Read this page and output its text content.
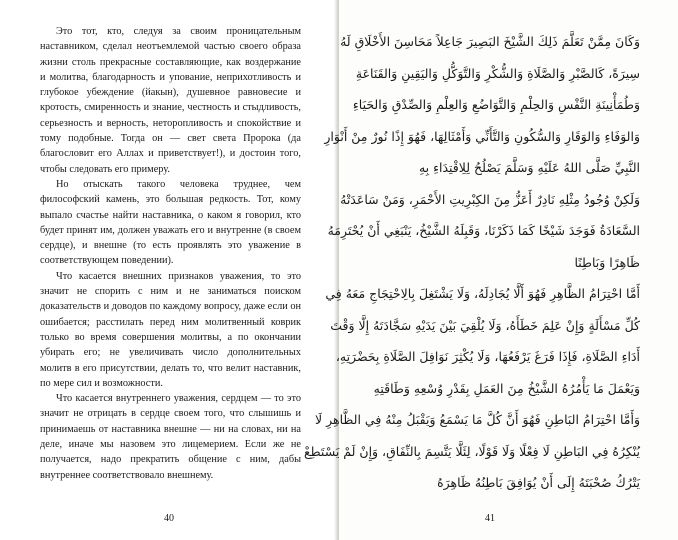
Это тот, кто, следуя за своим проницательным наставником, сделал неотъемлемой частью своего образа жизни столь прекрасные составляющие, как воздержание и молитва, благодарность и упование, неприхотливость и глубокое убеждение (йакын), душевное равновесие и кротость, смиренность и знание, честность и стыдливость, серьезность и верность, неторопливость и спокойствие и тому подобные. Тогда он — свет света Пророка (да благословит его Аллах и приветствует!), и достоин того, чтобы следовать его примеру.

Но отыскать такого человека труднее, чем философский камень, это большая редкость. Тот, кому выпало счастье найти наставника, о каком я говорил, кто будет принят им, должен уважать его и внутренне (в своем сердце), и внешне (то есть проявлять это уважение в соответствующем поведении).

Что касается внешних признаков уважения, то это значит не спорить с ним и не заниматься поиском доказательств и доводов по каждому вопросу, даже если он ошибается; расстилать перед ним молитвенный коврик только во время совершения молитвы, а по окончании убирать его; не увеличивать число дополнительных молитв в его присутствии, делать то, что велит наставник, по мере сил и возможности.

Что касается внутреннего уважения, сердцем — то это значит не отрицать в сердце своем того, что слышишь и принимаешь от наставника внешне — ни на словах, ни на деле, иначе мы назовем это лицемерием. Если же не получается, надо прекратить общение с ним, дабы внутреннее соответствовало внешнему.

40
وَكَانَ مِمَّنْ تَعَلَّمَ ذَلِكَ الشَّيْخَ البَصِيرَ جَاعِلاً مَحَاسِنَ الأَخْلَاقِ لَهُ
سِيرَةً، كَالصَّبْرِ وَالصَّلَاةِ وَالشُّكْرِ وَالتَّوَكُّلِ وَاليَقِينِ وَالقَنَاعَةِ
وَطُمَأْنِينَةِ النَّفْسِ وَالحِلْمِ وَالتَّوَاضُعِ وَالعِلْمِ وَالصِّدْقِ وَالحَيَاءِ
وَالوَفَاءِ وَالوَقَارِ وَالسُّكُونِ وَالتَّأَنِّي وَأَمْثَالِهَا، فَهُوَ إِذًا نُورٌ مِنْ أَنْوَارِ
النَّبِيِّ صَلَّى اللهُ عَلَيْهِ وَسَلَّمَ يَصْلُحُ لِلِاقْتِدَاءِ بِهِ
وَلَكِنْ وُجُودُ مِثْلِهِ نَادِرٌ أَعَزُّ مِنَ الكِبْرِيتِ الأَحْمَرِ، وَمَنْ سَاعَدَتْهُ
السَّعَادَةُ فَوَجَدَ شَيْخًا كَمَا ذَكَرْنَا، وَقَبِلَهُ الشَّيْخُ، يَنْبَغِي أَنْ يُحْتَرِمَهُ
ظَاهِرًا وَبَاطِنًا
أَمَّا احْتِرَامُ الظَّاهِرِ فَهُوَ أَلَّا يُجَادِلَهُ، وَلَا يَشْتَغِلَ بِالِاحْتِجَاجِ مَعَهُ فِي
كُلِّ مَسْأَلَةٍ وَإِنْ عَلِمَ خَطَأَهُ، وَلَا يُلْقِيَ بَيْنَ يَدَيْهِ سَجَّادَتَهُ إِلَّا وَقْتَ
أَدَاءِ الصَّلَاةِ، فَإِذَا فَرَغَ يَرْفَعُهَا، وَلَا يُكْثِرَ نَوَافِلَ الصَّلَاةِ بِحَضْرَتِهِ،
وَيَعْمَلَ مَا يَأْمُرُهُ الشَّيْخُ مِنَ العَمَلِ بِقَدْرِ وُسْعِهِ وَطَاقَتِهِ
وَأَمَّا احْتِرَامُ البَاطِنِ فَهُوَ أَنَّ كُلَّ مَا يَسْمَعُ وَيَقْبَلُ مِنْهُ فِي الظَّاهِرِ لَا
يُنْكِرُهُ فِي البَاطِنِ لَا فِعْلًا وَلَا قَوْلًا، لِئَلَّا يَتَّسِمَ بِالنِّفَاقِ، وَإِنْ لَمْ يَسْتَطِعْ
يَتْرُكُ صُحْبَتَهُ إِلَى أَنْ يُوَافِقَ بَاطِنُهُ ظَاهِرَهُ
41
